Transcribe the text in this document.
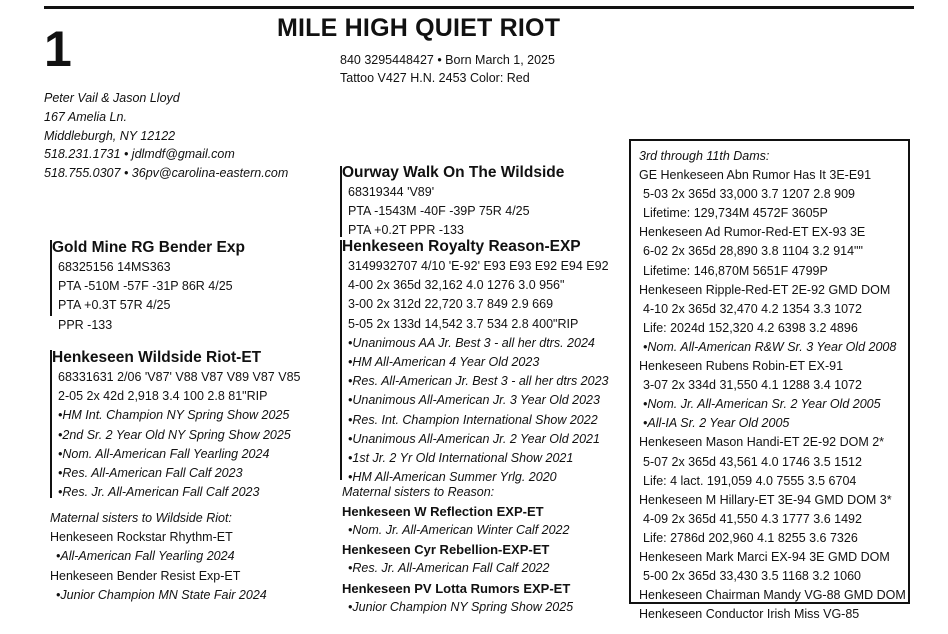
1	MILE HIGH QUIET RIOT
840 3295448427 • Born March 1, 2025
Tattoo V427 H.N. 2453 Color: Red
Peter Vail & Jason Lloyd
167 Amelia Ln.
Middleburgh, NY 12122
518.231.1731 • jdlmdf@gmail.com
518.755.0307 • 36pv@carolina-eastern.com
Gold Mine RG Bender Exp
68325156 14MS363
PTA -510M -57F -31P 86R 4/25
PTA +0.3T 57R 4/25
PPR -133
Henkeseen Wildside Riot-ET
68331631 2/06 'V87' V88 V87 V89 V87 V85
2-05 2x 42d 2,918 3.4 100 2.8 81"RIP
•HM Int. Champion NY Spring Show 2025
•2nd Sr. 2 Year Old NY Spring Show 2025
•Nom. All-American Fall Yearling 2024
•Res. All-American Fall Calf 2023
•Res. Jr. All-American Fall Calf 2023
Maternal sisters to Wildside Riot:
Henkeseen Rockstar Rhythm-ET
•All-American Fall Yearling 2024
Henkeseen Bender Resist Exp-ET
•Junior Champion MN State Fair 2024
Ourway Walk On The Wildside
68319344 'V89'
PTA -1543M -40F -39P 75R 4/25
PTA +0.2T PPR -133
Henkeseen Royalty Reason-EXP
3149932707 4/10 'E-92' E93 E93 E92 E94 E92
4-00 2x 365d 32,162 4.0 1276 3.0 956"
3-00 2x 312d 22,720 3.7 849 2.9 669
5-05 2x 133d 14,542 3.7 534 2.8 400"RIP
•Unanimous AA Jr. Best 3 - all her dtrs. 2024
•HM All-American 4 Year Old 2023
•Res. All-American Jr. Best 3 - all her dtrs 2023
•Unanimous All-American Jr. 3 Year Old 2023
•Res. Int. Champion International Show 2022
•Unanimous All-American Jr. 2 Year Old 2021
•1st Jr. 2 Yr Old International Show 2021
•HM All-American Summer Yrlg. 2020
Maternal sisters to Reason:
Henkeseen W Reflection EXP-ET
•Nom. Jr. All-American Winter Calf 2022
Henkeseen Cyr Rebellion-EXP-ET
•Res. Jr. All-American Fall Calf 2022
Henkeseen PV Lotta Rumors EXP-ET
•Junior Champion NY Spring Show 2025
3rd through 11th Dams:
GE Henkeseen Abn Rumor Has It 3E-E91
5-03 2x 365d 33,000 3.7 1207 2.8 909
Lifetime: 129,734M 4572F 3605P
Henkeseen Ad Rumor-Red-ET EX-93 3E
6-02 2x 365d 28,890 3.8 1104 3.2 914""
Lifetime: 146,870M 5651F 4799P
Henkeseen Ripple-Red-ET 2E-92 GMD DOM
4-10 2x 365d 32,470 4.2 1354 3.3 1072
Life: 2024d 152,320 4.2 6398 3.2 4896
•Nom. All-American R&W Sr. 3 Year Old 2008
Henkeseen Rubens Robin-ET EX-91
3-07 2x 334d 31,550 4.1 1288 3.4 1072
•Nom. Jr. All-American Sr. 2 Year Old 2005
•All-IA Sr. 2 Year Old 2005
Henkeseen Mason Handi-ET 2E-92 DOM 2*
5-07 2x 365d 43,561 4.0 1746 3.5 1512
Life: 4 lact. 191,059 4.0 7555 3.5 6704
Henkeseen M Hillary-ET 3E-94 GMD DOM 3*
4-09 2x 365d 41,550 4.3 1777 3.6 1492
Life: 2786d 202,960 4.1 8255 3.6 7326
Henkeseen Mark Marci EX-94 3E GMD DOM
5-00 2x 365d 33,430 3.5 1168 3.2 1060
Henkeseen Chairman Mandy VG-88 GMD DOM
Henkeseen Conductor Irish Miss VG-85
